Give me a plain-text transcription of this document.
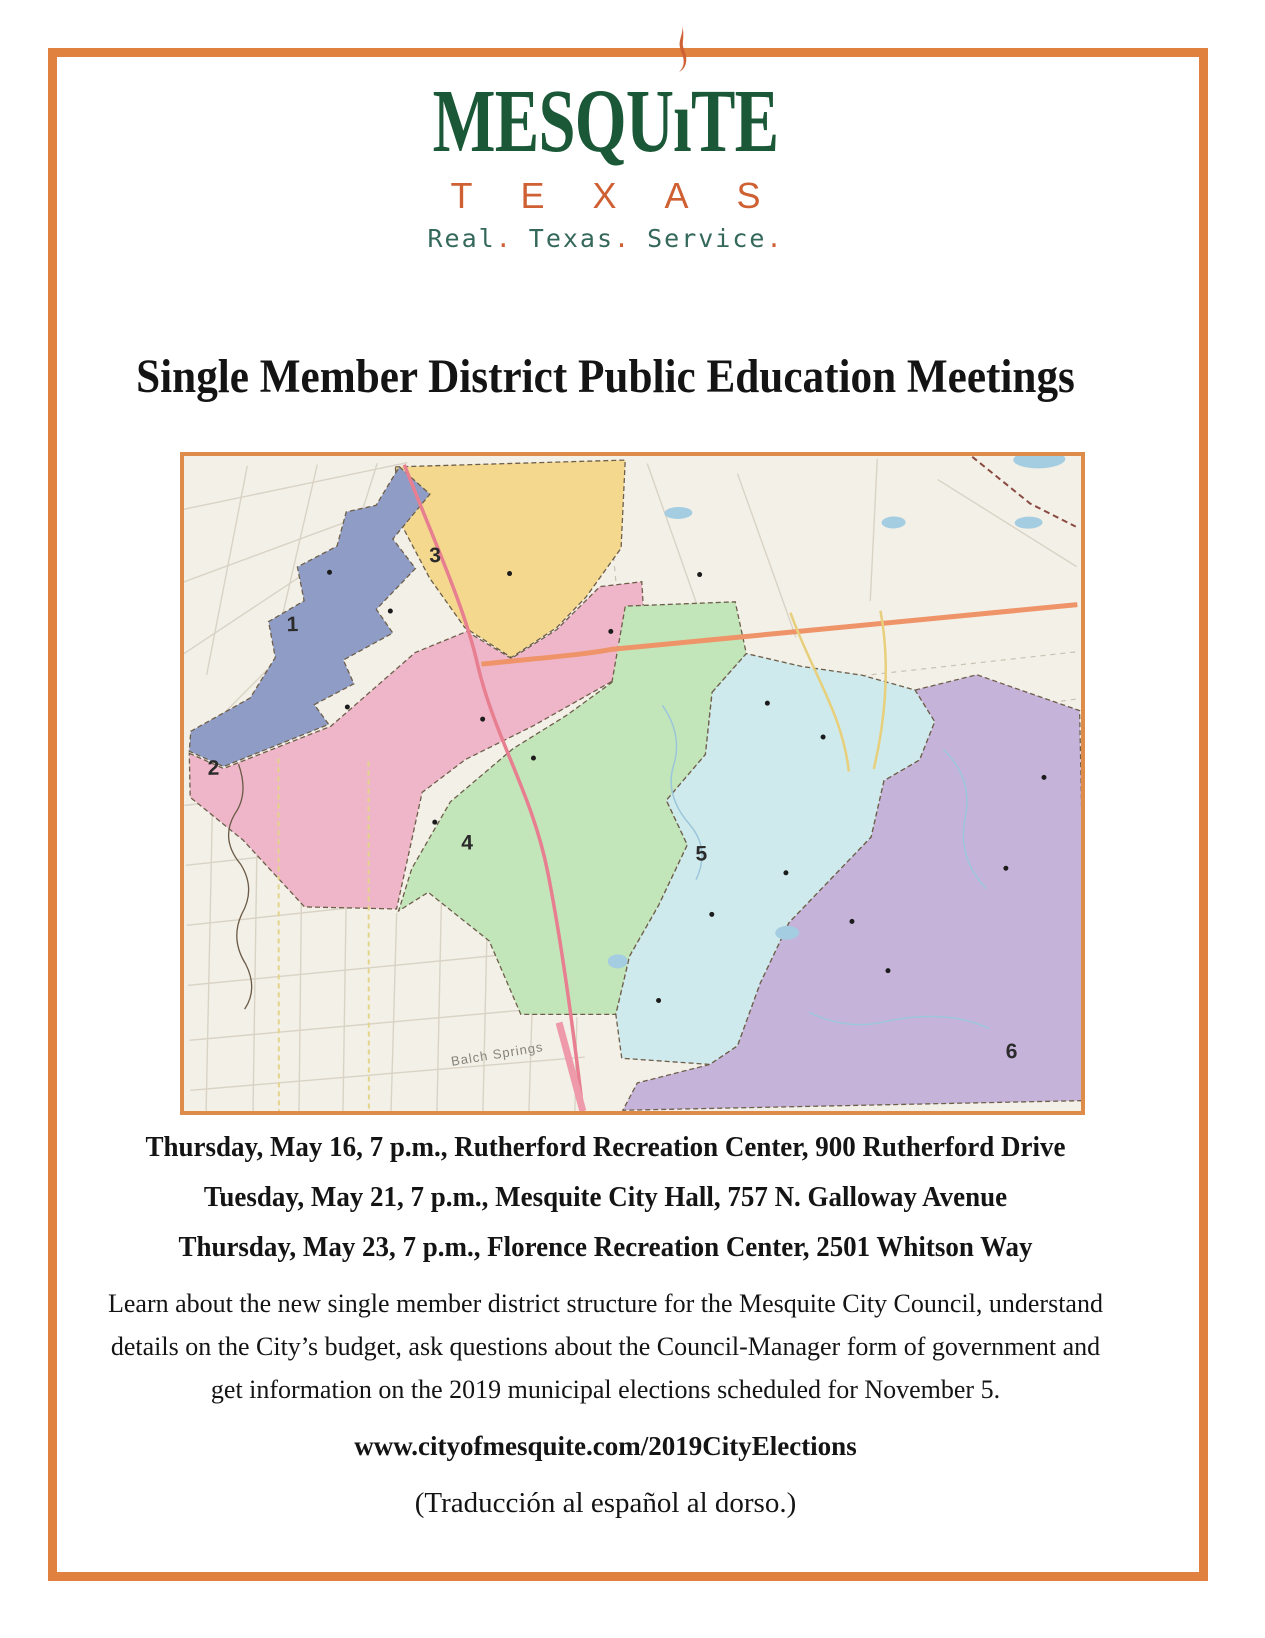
MESQU
ıTE
TEXAS
Real. Texas. Service.
Single Member District Public Education Meetings
1
2
3
4	5
6
Balch Springs
Thursday, May 16, 7 p.m., Rutherford Recreation Center, 900 Rutherford Drive
Tuesday, May 21, 7 p.m., Mesquite City Hall, 757 N. Galloway Avenue
Thursday, May 23, 7 p.m., Florence Recreation Center, 2501 Whitson Way
Learn about the new single member district structure for the Mesquite City Council, understand
details on the City’s budget, ask questions about the Council-Manager form of government and
get information on the 2019 municipal elections scheduled for November 5.
www.cityofmesquite.com/2019CityElections
(Traducción al español al dorso.)
